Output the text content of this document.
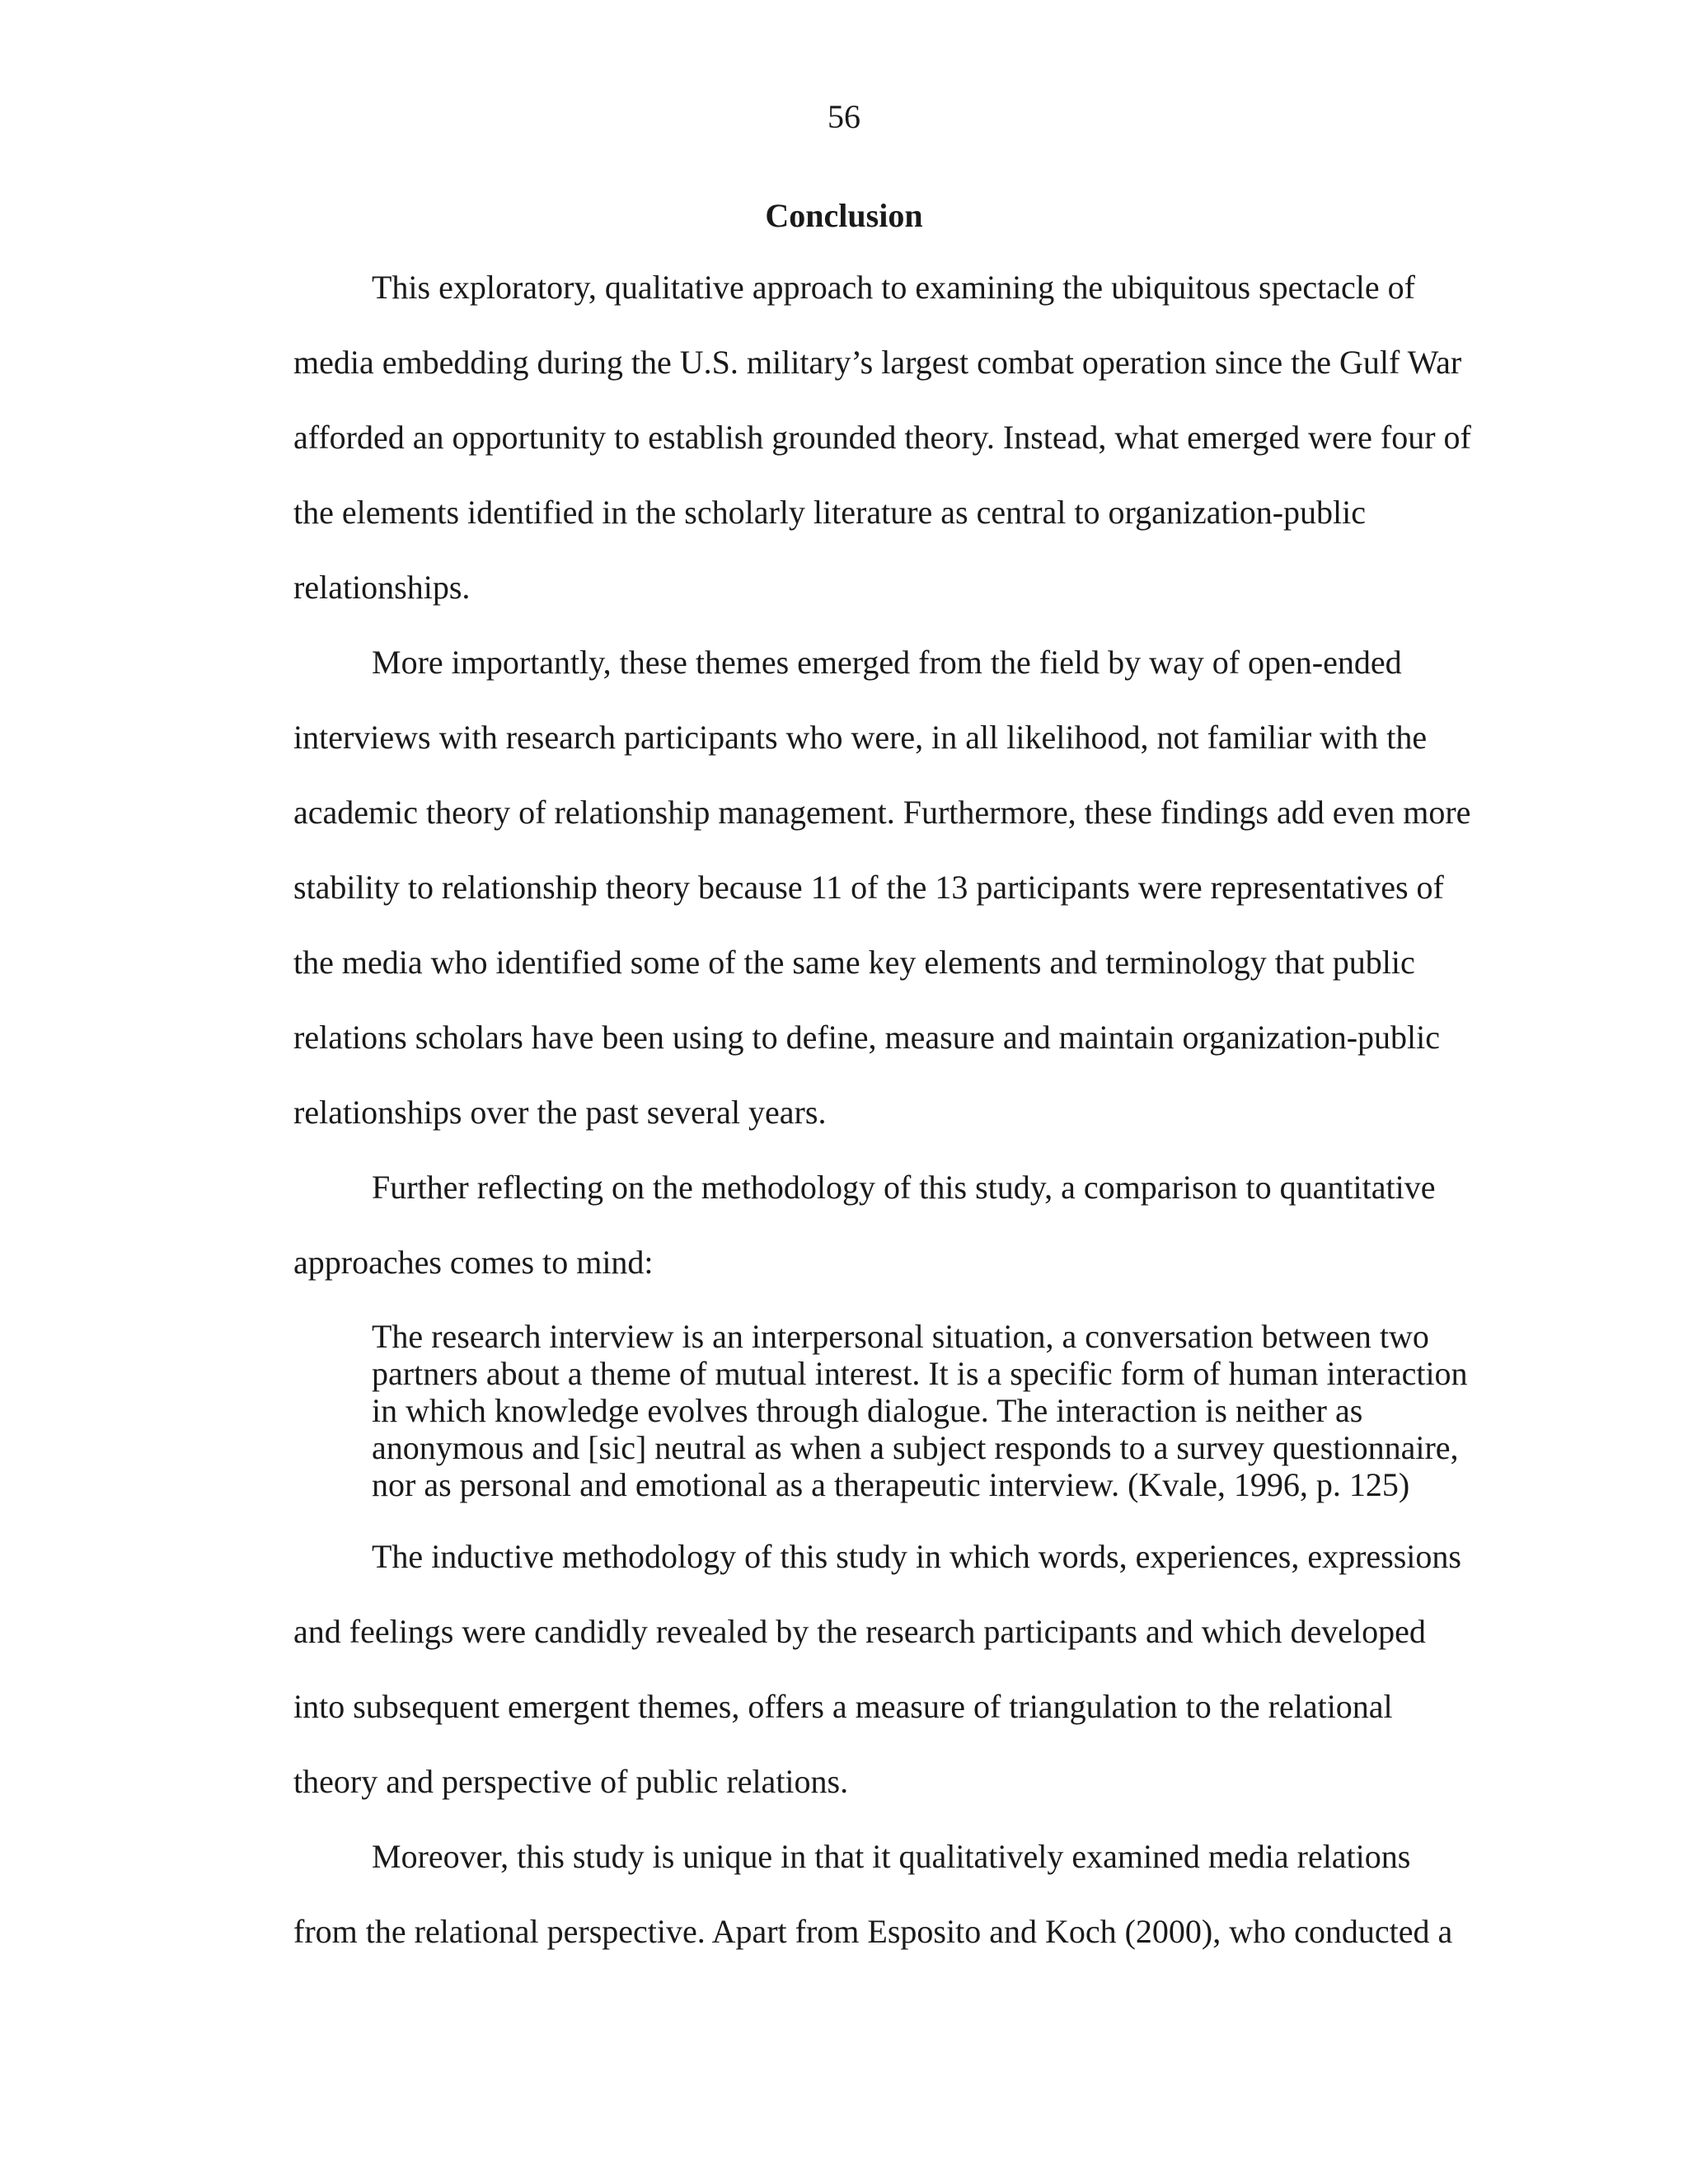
56
Conclusion
This exploratory, qualitative approach to examining the ubiquitous spectacle of
media embedding during the U.S. military’s largest combat operation since the Gulf War
afforded an opportunity to establish grounded theory. Instead, what emerged were four of
the elements identified in the scholarly literature as central to organization-public
relationships.
More importantly, these themes emerged from the field by way of open-ended
interviews with research participants who were, in all likelihood, not familiar with the
academic theory of relationship management. Furthermore, these findings add even more
stability to relationship theory because 11 of the 13 participants were representatives of
the media who identified some of the same key elements and terminology that public
relations scholars have been using to define, measure and maintain organization-public
relationships over the past several years.
Further reflecting on the methodology of this study, a comparison to quantitative
approaches comes to mind:
The research interview is an interpersonal situation, a conversation between two
partners about a theme of mutual interest. It is a specific form of human interaction
in which knowledge evolves through dialogue. The interaction is neither as
anonymous and [sic] neutral as when a subject responds to a survey questionnaire,
nor as personal and emotional as a therapeutic interview. (Kvale, 1996, p. 125)
The inductive methodology of this study in which words, experiences, expressions
and feelings were candidly revealed by the research participants and which developed
into subsequent emergent themes, offers a measure of triangulation to the relational
theory and perspective of public relations.
Moreover, this study is unique in that it qualitatively examined media relations
from the relational perspective. Apart from Esposito and Koch (2000), who conducted a
